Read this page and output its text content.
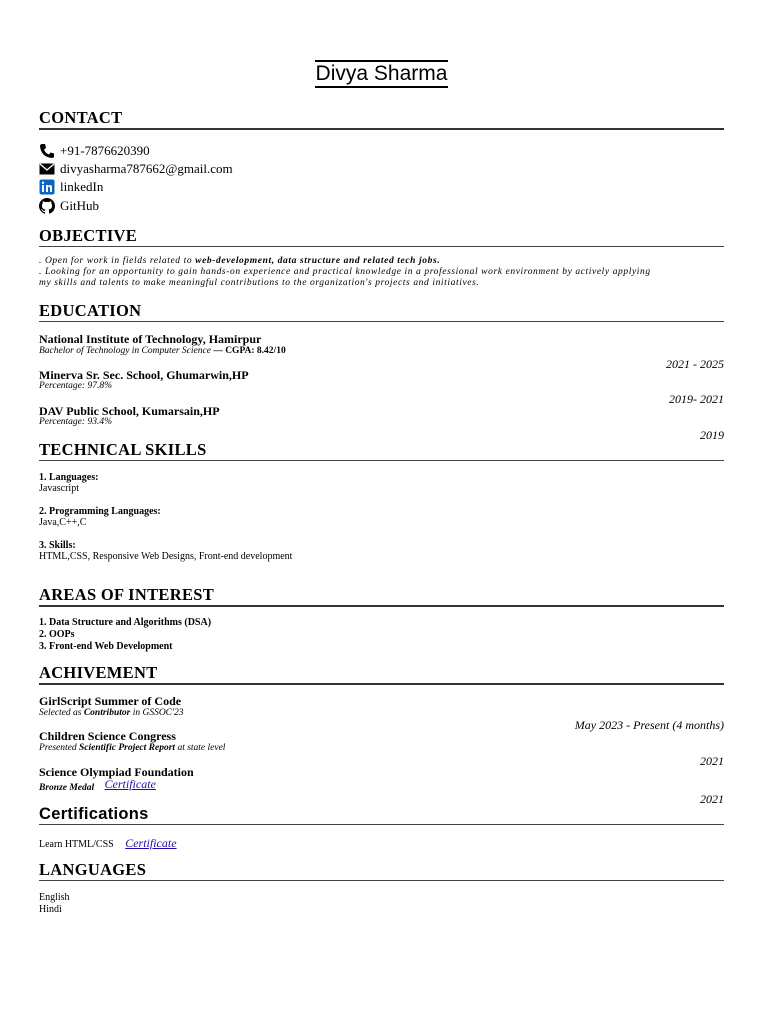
Divya Sharma
CONTACT
+91-7876620390
divyasharma787662@gmail.com
linkedIn
GitHub
OBJECTIVE
. Open for work in fields related to web-development, data structure and related tech jobs.
. Looking for an opportunity to gain hands-on experience and practical knowledge in a professional work environment by actively applying
my skills and talents to make meaningful contributions to the organization's projects and initiatives.
EDUCATION
National Institute of Technology, Hamirpur
Bachelor of Technology in Computer Science — CGPA: 8.42/10
2021 - 2025
Minerva Sr. Sec. School, Ghumarwin,HP
Percentage: 97.8%
2019- 2021
DAV Public School, Kumarsain,HP
Percentage: 93.4%
2019
TECHNICAL SKILLS
1. Languages:
Javascript
2. Programming Languages:
Java,C++,C
3. Skills:
HTML,CSS, Responsive Web Designs, Front-end development
AREAS OF INTEREST
1. Data Structure and Algorithms (DSA)
2. OOPs
3. Front-end Web Development
ACHIVEMENT
GirlScript Summer of Code
Selected as Contributor in GSSOC'23
May 2023 - Present (4 months)
Children Science Congress
Presented Scientific Project Report at state level
2021
Science Olympiad Foundation
Bronze Medal Certificate
2021
Certifications
Learn HTML/CSS Certificate
LANGUAGES
English
Hindi
